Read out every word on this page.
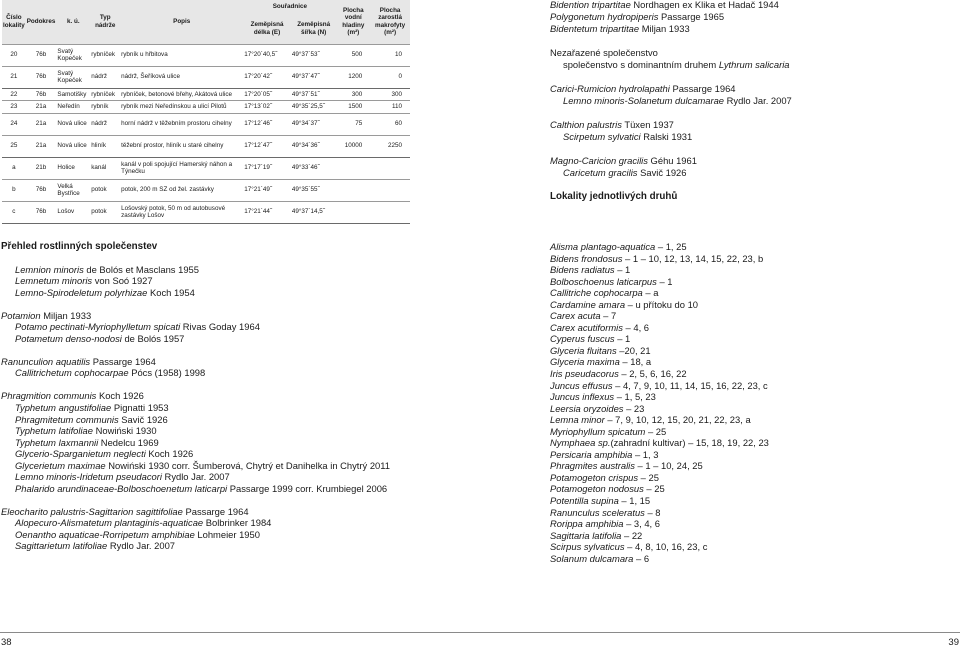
Číslo lokality	Podokres	k. ú.	Typ nádrže	Popis	Souřadnice		Plocha vodní hladiny (m²)	Plocha zarostlá makrofyty (m²)
					Zeměpisná délka (E)	Zeměpisná šířka (N)		
20	76b	Svatý Kopeček	rybníček	rybník u hřbitova	17°20´40,5˝	49°37´53˝	500	10
21	76b	Svatý Kopeček	nádrž	nádrž, Šeříková ulice	17°20´42˝	49°37´47˝	1200	0
22	76b	Samotišky	rybníček	rybníček, betonové břehy, Akátová ulice	17°20´05˝	49°37´51˝	300	300
23	21a	Neředín	rybník	rybník mezi Neředínskou a ulicí Pilotů	17°13´02˝	49°35´25,5˝	1500	110
24	21a	Nová ulice	nádrž	horní nádrž v těžebním prostoru cihelny	17°12´46˝	49°34´37˝	75	60
25	21a	Nová ulice	hliník	těžební prostor, hliník u staré cihelny	17°12´47˝	49°34´36˝	10000	2250
a	21b	Holice	kanál	kanál v poli spojující Hamerský náhon a Týnečku	17°17´19˝	49°33´46˝		
b	76b	Velká Bystřice	potok	potok, 200 m SZ od žel. zastávky	17°21´49˝	49°35´55˝		
c	76b	Lošov	potok	Lošovský potok, 50 m od autobusové zastávky Lošov	17°21´44˝	49°37´14,5˝		
Přehled rostlinných společenstev
Lemnion minoris de Bolós et Masclans 1955
Lemnetum minoris von Soó 1927
Lemno-Spirodeletum polyrhizae Koch 1954
Potamion Miljan 1933
Potamo pectinati-Myriophylletum spicati Rivas Goday 1964
Potametum denso-nodosi de Bolós 1957
Ranunculion aquatilis Passarge 1964
Callitrichetum cophocarpae Pócs (1958) 1998
Phragmition communis Koch 1926
Typhetum angustifoliae Pignatti 1953
Phragmitetum communis Savič 1926
Typhetum latifoliae Nowiński 1930
Typhetum laxmannii Nedelcu 1969
Glycerio-Sparganietum neglecti Koch 1926
Glycerietum maximae Nowiński 1930 corr. Šumberová, Chytrý et Danihelka in Chytrý 2011
Lemno minoris-Iridetum pseudacori Rydlo Jar. 2007
Phalarido arundinaceae-Bolboschoenetum laticarpi Passarge 1999 corr. Krumbiegel 2006
Eleocharito palustris-Sagittarion sagittifoliae Passarge 1964
Alopecuro-Alismatetum plantaginis-aquaticae Bolbrinker 1984
Oenantho aquaticae-Rorripetum amphibiae Lohmeier 1950
Sagittarietum latifoliae Rydlo Jar. 2007
38
Bidention tripartitae Nordhagen ex Klika et Hadač 1944
Polygonetum hydropiperis Passarge 1965
Bidentetum tripartitae Miljan 1933
Nezařazené společenstvo
společenstvo s dominantním druhem Lythrum salicaria
Carici-Rumicion hydrolapathi Passarge 1964
Lemno minoris-Solanetum dulcamarae Rydlo Jar. 2007
Calthion palustris Tüxen 1937
Scirpetum sylvatici Ralski 1931
Magno-Caricion gracilis Géhu 1961
Caricetum gracilis Savič 1926
Lokality jednotlivých druhů
Alisma plantago-aquatica – 1, 25
Bidens frondosus – 1 – 10, 12, 13, 14, 15, 22, 23, b
Bidens radiatus – 1
Bolboschoenus laticarpus – 1
Callitriche cophocarpa – a
Cardamine amara – u přítoku do 10
Carex acuta – 7
Carex acutiformis – 4, 6
Cyperus fuscus – 1
Glyceria fluitans –20, 21
Glyceria maxima – 18, a
Iris pseudacorus – 2, 5, 6, 16, 22
Juncus effusus – 4, 7, 9, 10, 11, 14, 15, 16, 22, 23, c
Juncus inflexus – 1, 5, 23
Leersia oryzoides – 23
Lemna minor – 7, 9, 10, 12, 15, 20, 21, 22, 23, a
Myriophyllum spicatum – 25
Nymphaea sp.(zahradní kultivar) – 15, 18, 19, 22, 23
Persicaria amphibia – 1, 3
Phragmites australis – 1 – 10, 24, 25
Potamogeton crispus – 25
Potamogeton nodosus – 25
Potentilla supina – 1, 15
Ranunculus sceleratus – 8
Rorippa amphibia – 3, 4, 6
Sagittaria latifolia – 22
Scirpus sylvaticus – 4, 8, 10, 16, 23, c
Solanum dulcamara – 6
39
